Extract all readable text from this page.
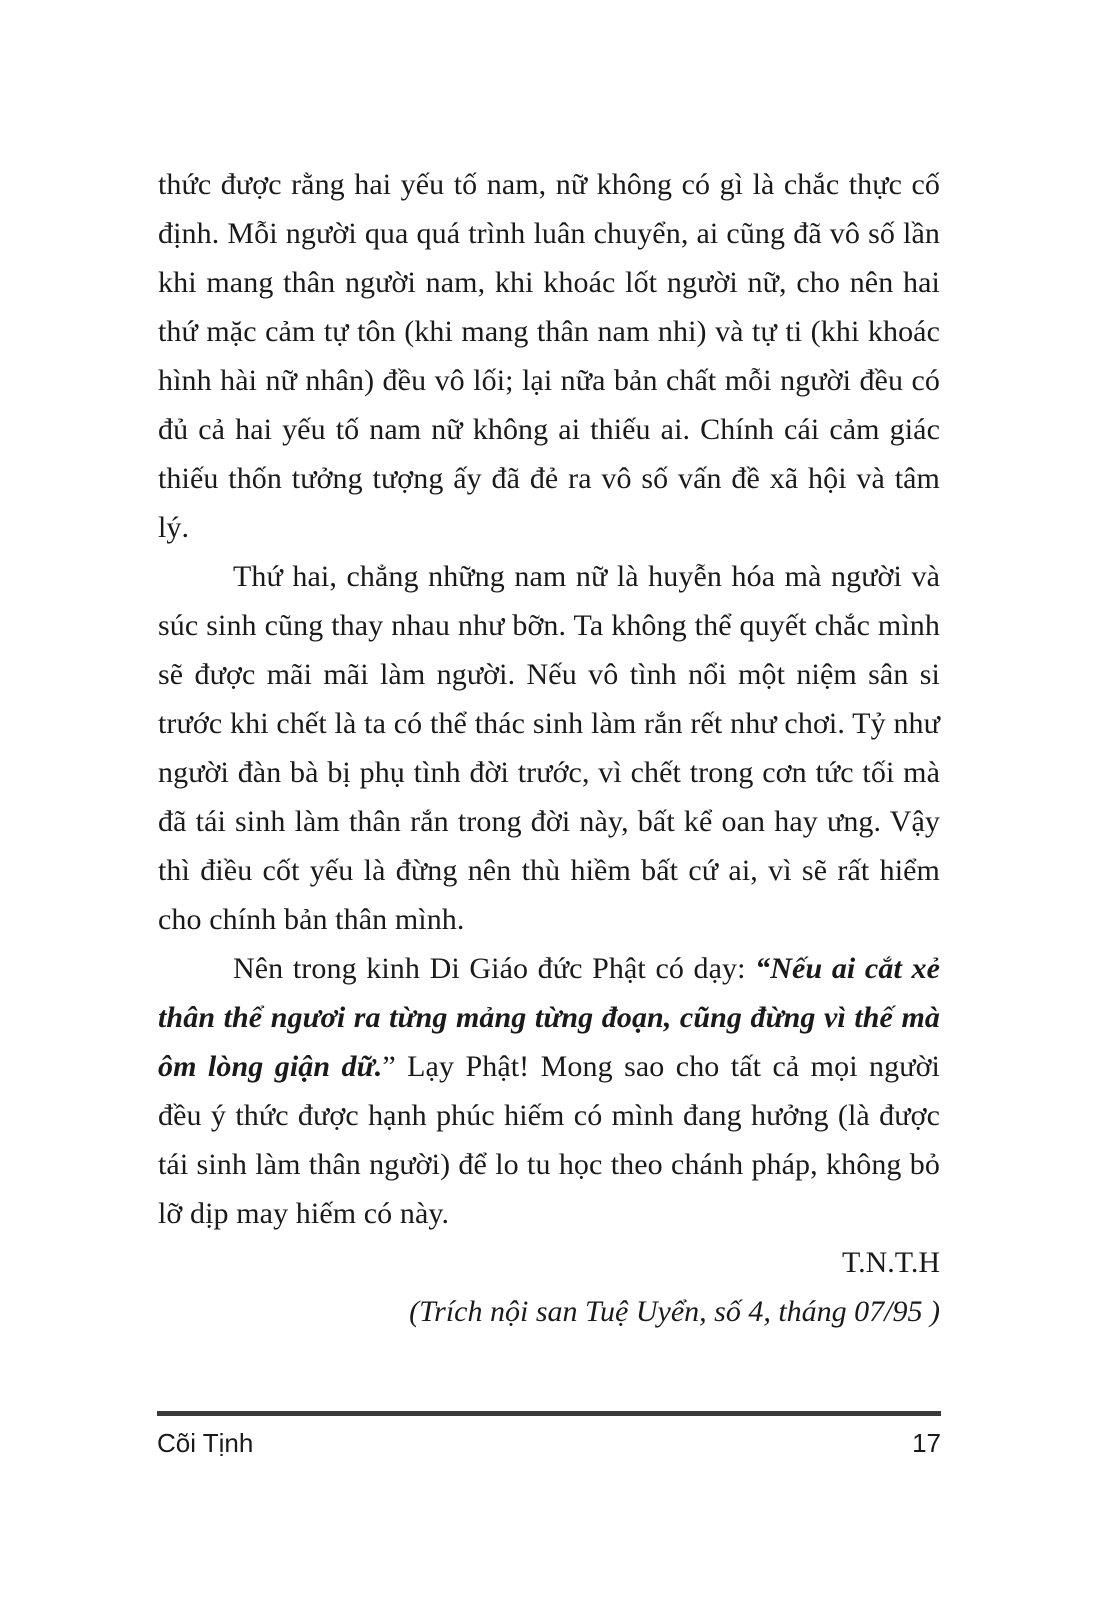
thức được rằng hai yếu tố nam, nữ không có gì là chắc thực cố định. Mỗi người qua quá trình luân chuyển, ai cũng đã vô số lần khi mang thân người nam, khi khoác lốt người nữ, cho nên hai thứ mặc cảm tự tôn (khi mang thân nam nhi) và tự ti (khi khoác hình hài nữ nhân) đều vô lối; lại nữa bản chất mỗi người đều có đủ cả hai yếu tố nam nữ không ai thiếu ai. Chính cái cảm giác thiếu thốn tưởng tượng ấy đã đẻ ra vô số vấn đề xã hội và tâm lý.

Thứ hai, chẳng những nam nữ là huyễn hóa mà người và súc sinh cũng thay nhau như bỡn. Ta không thể quyết chắc mình sẽ được mãi mãi làm người. Nếu vô tình nổi một niệm sân si trước khi chết là ta có thể thác sinh làm rắn rết như chơi. Tỷ như người đàn bà bị phụ tình đời trước, vì chết trong cơn tức tối mà đã tái sinh làm thân rắn trong đời này, bất kể oan hay ưng. Vậy thì điều cốt yếu là đừng nên thù hiềm bất cứ ai, vì sẽ rất hiểm cho chính bản thân mình.

Nên trong kinh Di Giáo đức Phật có dạy: “Nếu ai cắt xẻ thân thể ngươi ra từng mảng từng đoạn, cũng đừng vì thế mà ôm lòng giận dữ.” Lạy Phật! Mong sao cho tất cả mọi người đều ý thức được hạnh phúc hiếm có mình đang hưởng (là được tái sinh làm thân người) để lo tu học theo chánh pháp, không bỏ lỡ dịp may hiếm có này.

T.N.T.H
(Trích nội san Tuệ Uyển, số 4, tháng 07/95 )
Cõi Tịnh	17
